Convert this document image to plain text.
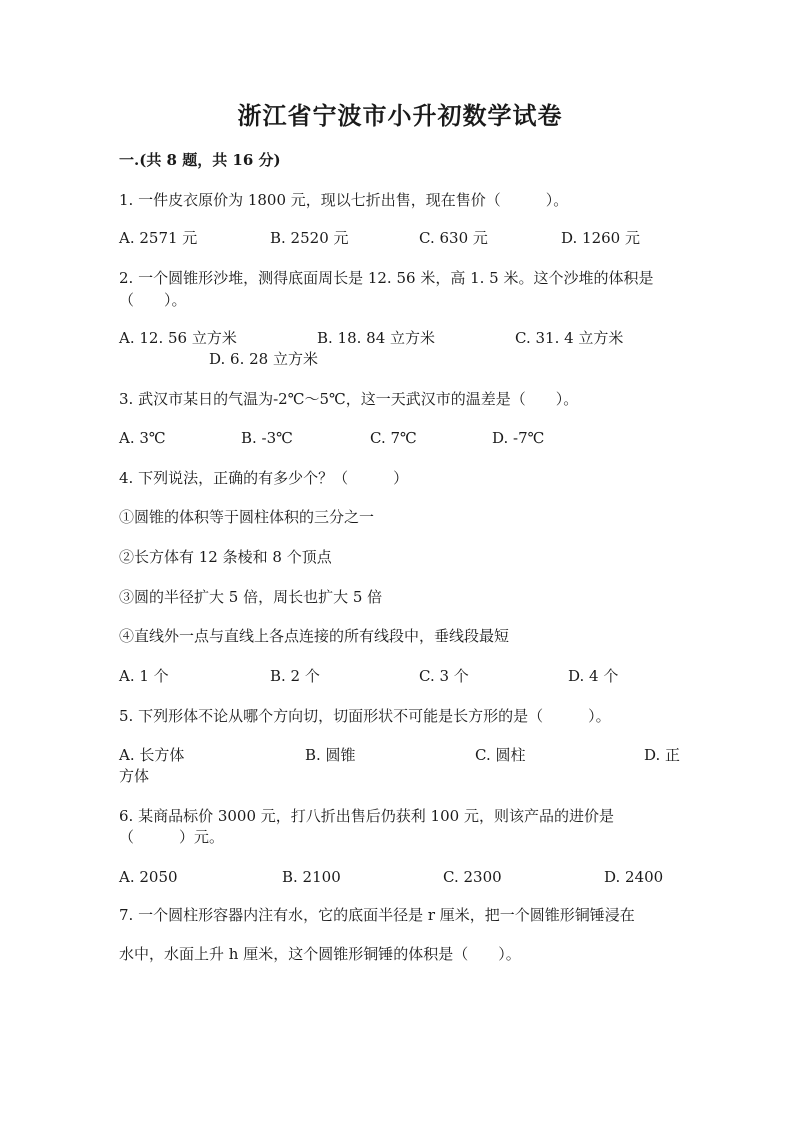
浙江省宁波市小升初数学试卷
一.(共 8 题，共 16 分)
1. 一件皮衣原价为 1800 元，现以七折出售，现在售价（　　　）。
A. 2571 元	B. 2520 元	C. 630 元	D. 1260 元
2. 一个圆锥形沙堆，测得底面周长是 12. 56 米，高 1. 5 米。这个沙堆的体积是
（　　）。
A. 12. 56 立方米	B. 18. 84 立方米	C. 31. 4 立方米
D. 6. 28 立方米
3. 武汉市某日的气温为-2℃～5℃，这一天武汉市的温差是（　　）。
A. 3℃	B. -3℃	C. 7℃	D. -7℃
4. 下列说法，正确的有多少个？（　　　）
①圆锥的体积等于圆柱体积的三分之一
②长方体有 12 条棱和 8 个顶点
③圆的半径扩大 5 倍，周长也扩大 5 倍
④直线外一点与直线上各点连接的所有线段中，垂线段最短
A. 1 个	B. 2 个	C. 3 个	D. 4 个
5. 下列形体不论从哪个方向切，切面形状不可能是长方形的是（　　　）。
A. 长方体	B. 圆锥	C. 圆柱	D. 正
方体
6. 某商品标价 3000 元，打八折出售后仍获利 100 元，则该产品的进价是
（　　　）元。
A. 2050	B. 2100	C. 2300	D. 2400
7. 一个圆柱形容器内注有水，它的底面半径是 r 厘米，把一个圆锥形铜锤浸在
水中，水面上升 h 厘米，这个圆锥形铜锤的体积是（　　）。
